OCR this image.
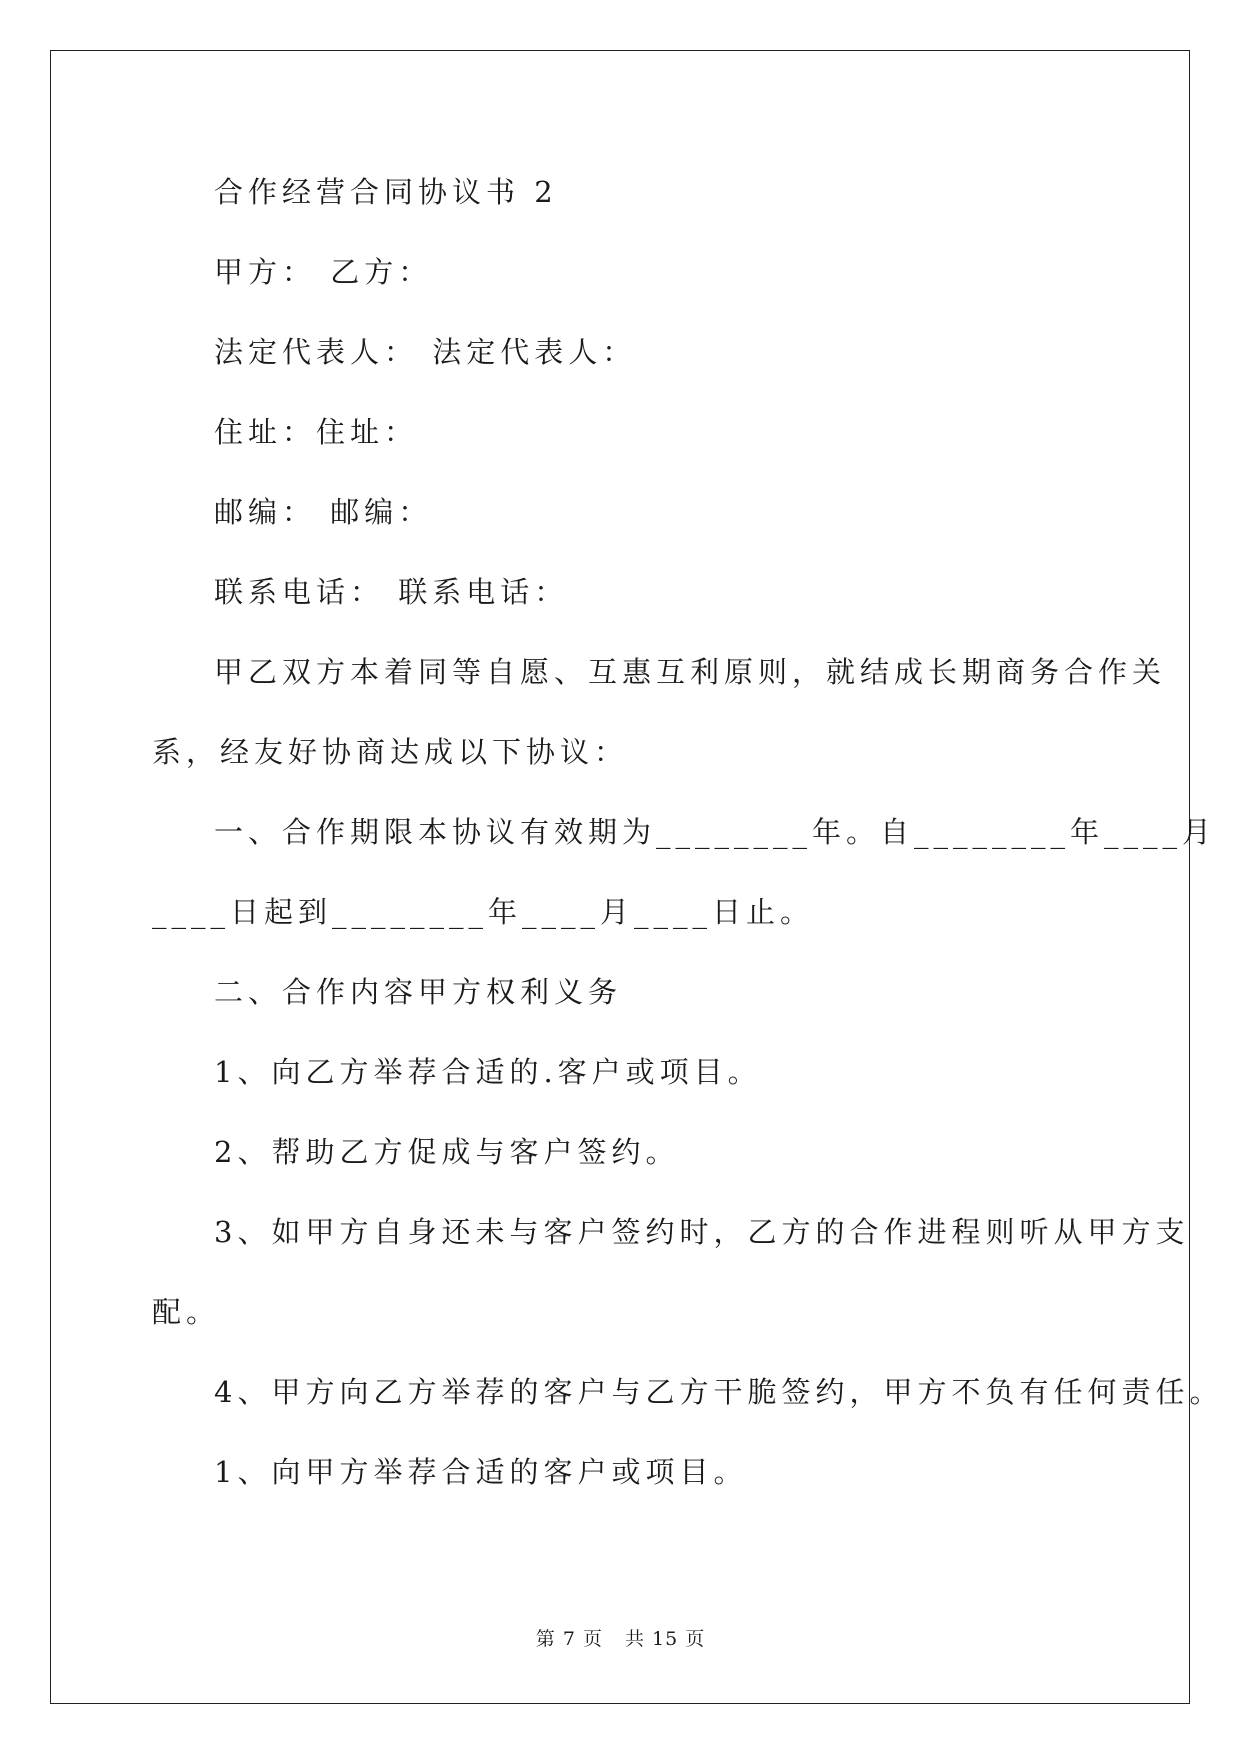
合作经营合同协议书 2
甲方： 乙方：
法定代表人： 法定代表人：
住址：住址：
邮编： 邮编：
联系电话： 联系电话：
甲乙双方本着同等自愿、互惠互利原则，就结成长期商务合作关
系，经友好协商达成以下协议：
一、合作期限本协议有效期为________年。自________年____月
____日起到________年____月____日止。
二、合作内容甲方权利义务
1、向乙方举荐合适的.客户或项目。
2、帮助乙方促成与客户签约。
3、如甲方自身还未与客户签约时，乙方的合作进程则听从甲方支
配。
4、甲方向乙方举荐的客户与乙方干脆签约，甲方不负有任何责任。
1、向甲方举荐合适的客户或项目。
第 7 页 共 15 页
